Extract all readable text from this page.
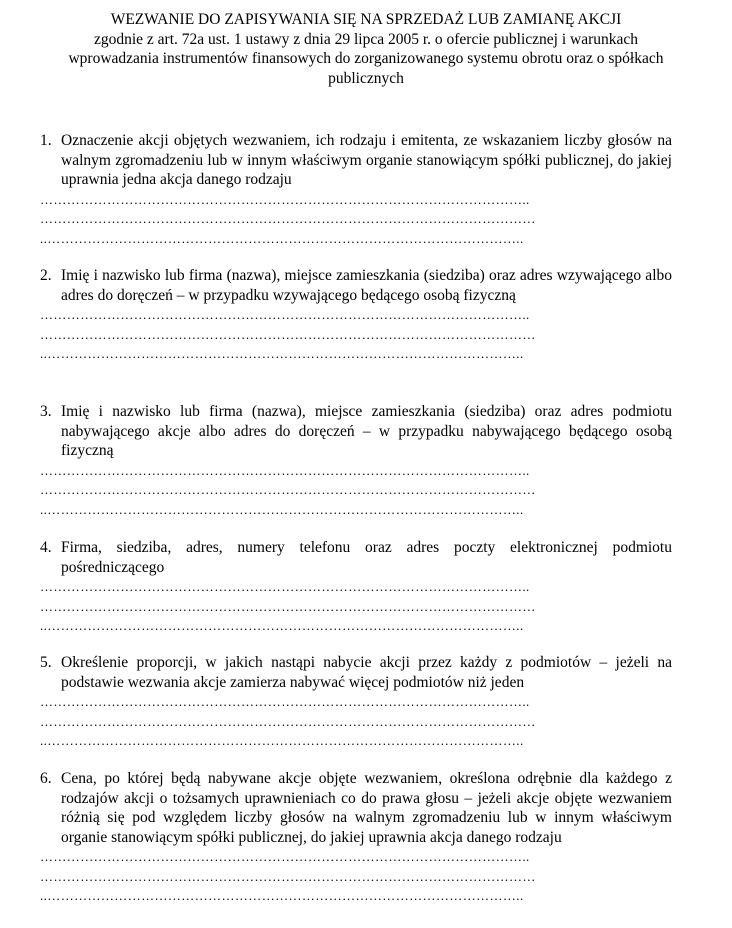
WEZWANIE DO ZAPISYWANIA SIĘ NA SPRZEDAŻ LUB ZAMIANĘ AKCJI
zgodnie z art. 72a ust. 1 ustawy z dnia 29 lipca 2005 r. o ofercie publicznej i warunkach wprowadzania instrumentów finansowych do zorganizowanego systemu obrotu oraz o spółkach publicznych
1. Oznaczenie akcji objętych wezwaniem, ich rodzaju i emitenta, ze wskazaniem liczby głosów na walnym zgromadzeniu lub w innym właściwym organie stanowiącym spółki publicznej, do jakiej uprawnia jedna akcja danego rodzaju
………………………………………………………………………………………………..
…………………………………………………………………………………………………
..……………………………………………………………………………………………..
2. Imię i nazwisko lub firma (nazwa), miejsce zamieszkania (siedziba) oraz adres wzywającego albo adres do doręczeń – w przypadku wzywającego będącego osobą fizyczną
………………………………………………………………………………………………..
…………………………………………………………………………………………………
..……………………………………………………………………………………………..
3. Imię i nazwisko lub firma (nazwa), miejsce zamieszkania (siedziba) oraz adres podmiotu nabywającego akcje albo adres do doręczeń – w przypadku nabywającego będącego osobą fizyczną
………………………………………………………………………………………………..
…………………………………………………………………………………………………
..……………………………………………………………………………………………..
4. Firma, siedziba, adres, numery telefonu oraz adres poczty elektronicznej podmiotu pośredniczącego
………………………………………………………………………………………………..
…………………………………………………………………………………………………
..……………………………………………………………………………………………..
5. Określenie proporcji, w jakich nastąpi nabycie akcji przez każdy z podmiotów – jeżeli na podstawie wezwania akcje zamierza nabywać więcej podmiotów niż jeden
………………………………………………………………………………………………..
…………………………………………………………………………………………………
..……………………………………………………………………………………………..
6. Cena, po której będą nabywane akcje objęte wezwaniem, określona odrębnie dla każdego z rodzajów akcji o tożsamych uprawnieniach co do prawa głosu – jeżeli akcje objęte wezwaniem różnią się pod względem liczby głosów na walnym zgromadzeniu lub w innym właściwym organie stanowiącym spółki publicznej, do jakiej uprawnia akcja danego rodzaju
………………………………………………………………………………………………..
…………………………………………………………………………………………………
..……………………………………………………………………………………………..
